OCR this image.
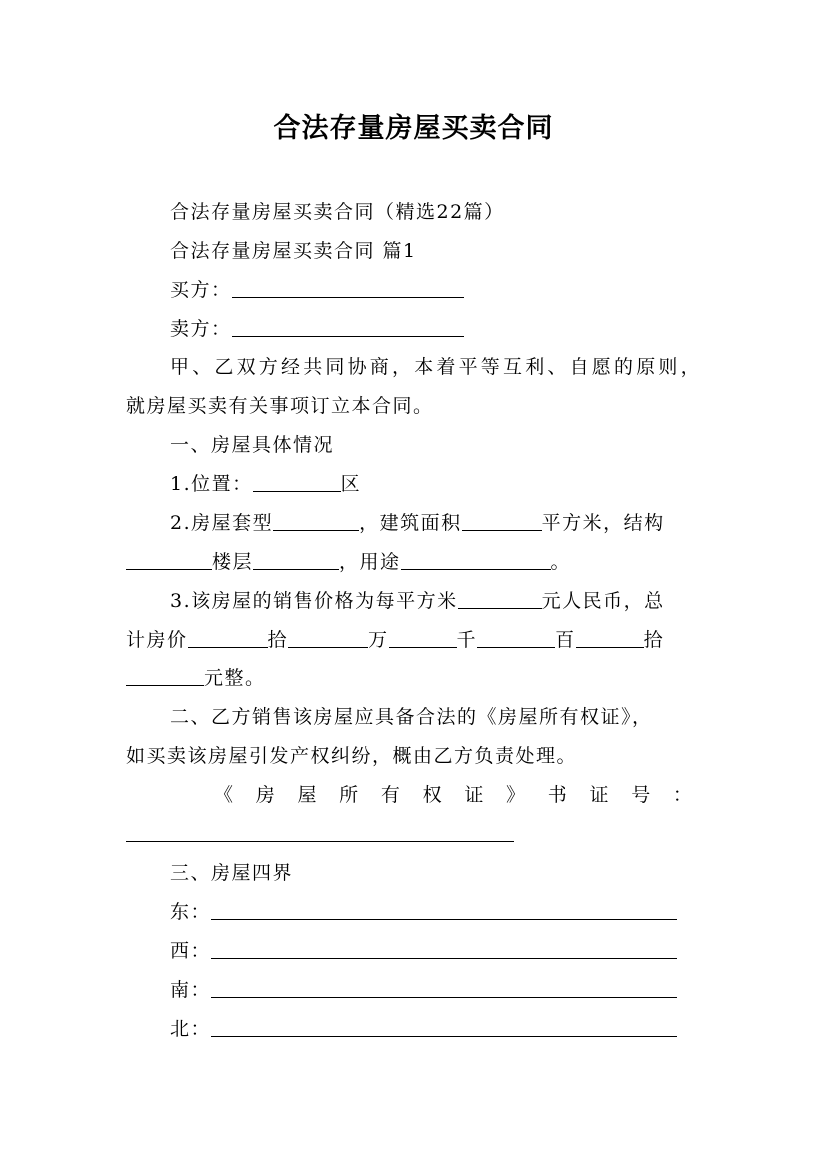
合法存量房屋买卖合同
合法存量房屋买卖合同（精选22篇）
合法存量房屋买卖合同 篇1
买方：
卖方：
甲、乙双方经共同协商，本着平等互利、自愿的原则，
就房屋买卖有关事项订立本合同。
一、房屋具体情况
1.位置：	区
2.房屋套型	，建筑面积	平方米，结构
楼层	，用途	。
3.该房屋的销售价格为每平方米	元人民币，总
计房价	拾	万	千	百	拾
元整。
二、乙方销售该房屋应具备合法的《房屋所有权证》，
如买卖该房屋引发产权纠纷，概由乙方负责处理。
《 房 屋 所 有 权 证 》 书 证 号 ：
三、房屋四界
东：
西：
南：
北：
